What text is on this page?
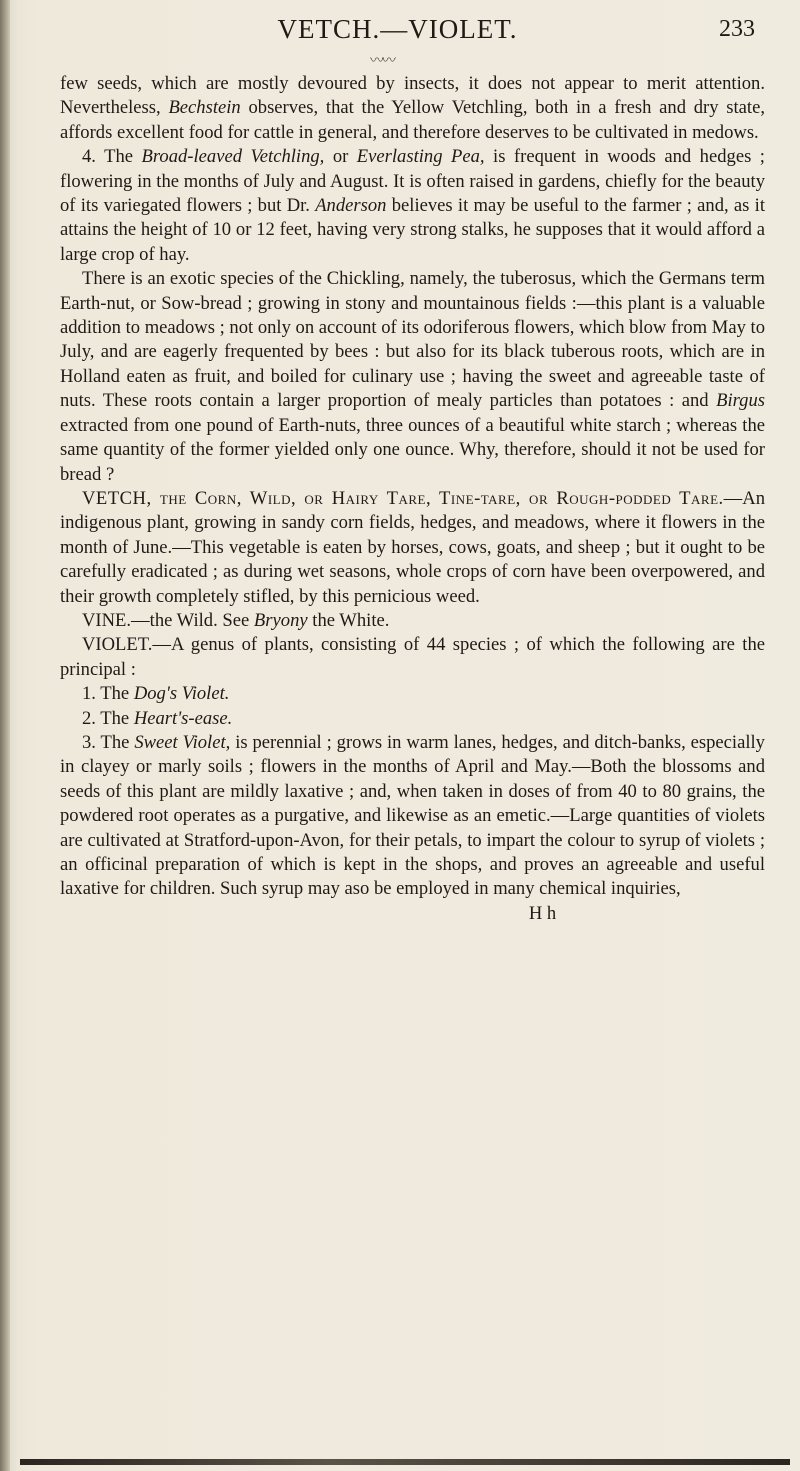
VETCH.—VIOLET.	233
〰〰

few seeds, which are mostly devoured by insects, it does not appear to merit attention. Nevertheless, Bechstein observes, that the Yellow Vetchling, both in a fresh and dry state, affords excellent food for cattle in general, and therefore deserves to be cultivated in medows.

4. The Broad-leaved Vetchling, or Everlasting Pea, is frequent in woods and hedges ; flowering in the months of July and August. It is often raised in gardens, chiefly for the beauty of its variegated flowers ; but Dr. Anderson believes it may be useful to the farmer ; and, as it attains the height of 10 or 12 feet, having very strong stalks, he supposes that it would afford a large crop of hay.

There is an exotic species of the Chickling, namely, the tuberosus, which the Germans term Earth-nut, or Sow-bread ; growing in stony and mountainous fields :—this plant is a valuable addition to meadows ; not only on account of its odoriferous flowers, which blow from May to July, and are eagerly frequented by bees : but also for its black tuberous roots, which are in Holland eaten as fruit, and boiled for culinary use ; having the sweet and agreeable taste of nuts. These roots contain a larger proportion of mealy particles than potatoes : and Birgus extracted from one pound of Earth-nuts, three ounces of a beautiful white starch ; whereas the same quantity of the former yielded only one ounce. Why, therefore, should it not be used for bread ?

VETCH, the Corn, Wild, or Hairy Tare, Tine-tare, or Rough-podded Tare.—An indigenous plant, growing in sandy corn fields, hedges, and meadows, where it flowers in the month of June.—This vegetable is eaten by horses, cows, goats, and sheep ; but it ought to be carefully eradicated ; as during wet seasons, whole crops of corn have been overpowered, and their growth completely stifled, by this pernicious weed.

VINE.—the Wild. See Bryony the White.

VIOLET.—A genus of plants, consisting of 44 species ; of which the following are the principal :

1. The Dog's Violet.

2. The Heart's-ease.

3. The Sweet Violet, is perennial ; grows in warm lanes, hedges, and ditch-banks, especially in clayey or marly soils ; flowers in the months of April and May.—Both the blossoms and seeds of this plant are mildly laxative ; and, when taken in doses of from 40 to 80 grains, the powdered root operates as a purgative, and likewise as an emetic.—Large quantities of violets are cultivated at Stratford-upon-Avon, for their petals, to impart the colour to syrup of violets ; an officinal preparation of which is kept in the shops, and proves an agreeable and useful laxative for children. Such syrup may aso be employed in many chemical inquiries,

H h
